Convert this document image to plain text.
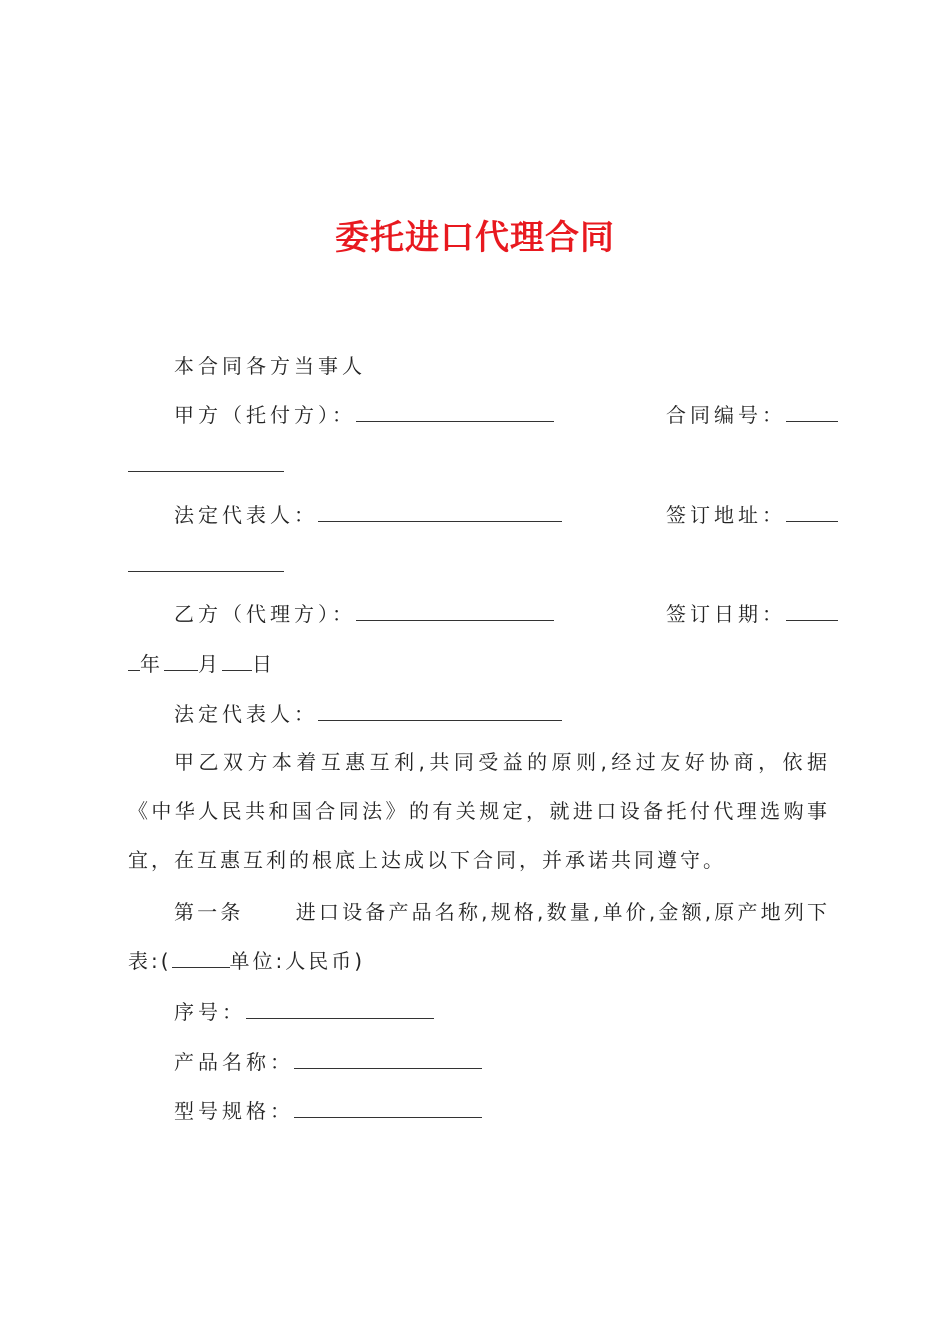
委托进口代理合同
本合同各方当事人
甲方（托付方）：	合同编号：
法定代表人：	签订地址：
乙方（代理方）：	签订日期：
年 月 日
法定代表人：
甲乙双方本着互惠互利,共同受益的原则,经过友好协商，依据《中华人民共和国合同法》的有关规定，就进口设备托付代理选购事宜，在互惠互利的根底上达成以下合同，并承诺共同遵守。
第一条	进口设备产品名称,规格,数量,单价,金额,原产地列下表:(	单位:人民币)
序号：
产品名称：
型号规格：
